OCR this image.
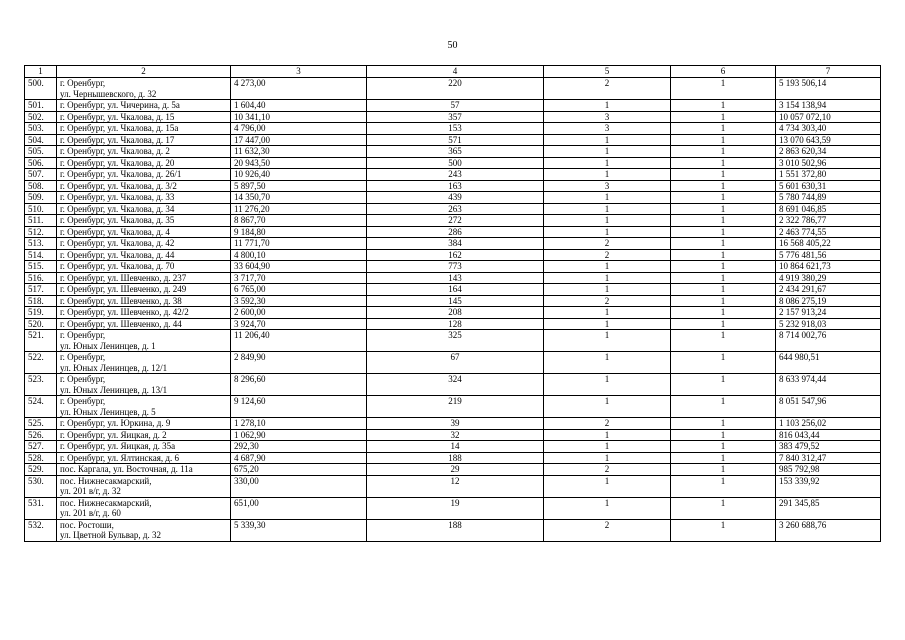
50
1	2	3	4	5	6	7
500.	г. Оренбург,
ул. Чернышевского, д. 32	4 273,00	220	2	1	5 193 506,14
501.	г. Оренбург, ул. Чичерина, д. 5а	1 604,40	57	1	1	3 154 138,94
502.	г. Оренбург, ул. Чкалова, д. 15	10 341,10	357	3	1	10 057 072,10
503.	г. Оренбург, ул. Чкалова, д. 15а	4 796,00	153	3	1	4 734 303,40
504.	г. Оренбург, ул. Чкалова, д. 17	17 447,00	571	1	1	13 070 643,59
505.	г. Оренбург, ул. Чкалова, д. 2	11 632,30	365	1	1	2 863 620,34
506.	г. Оренбург, ул. Чкалова, д. 20	20 943,50	500	1	1	3 010 502,96
507.	г. Оренбург, ул. Чкалова, д. 26/1	10 926,40	243	1	1	1 551 372,80
508.	г. Оренбург, ул. Чкалова, д. 3/2	5 897,50	163	3	1	5 601 630,31
509.	г. Оренбург, ул. Чкалова, д. 33	14 350,70	439	1	1	5 780 744,89
510.	г. Оренбург, ул. Чкалова, д. 34	11 276,20	263	1	1	8 691 046,85
511.	г. Оренбург, ул. Чкалова, д. 35	8 867,70	272	1	1	2 322 786,77
512.	г. Оренбург, ул. Чкалова, д. 4	9 184,80	286	1	1	2 463 774,55
513.	г. Оренбург, ул. Чкалова, д. 42	11 771,70	384	2	1	16 568 405,22
514.	г. Оренбург, ул. Чкалова, д. 44	4 800,10	162	2	1	5 776 481,56
515.	г. Оренбург, ул. Чкалова, д. 70	33 604,90	773	1	1	10 864 621,73
516.	г. Оренбург, ул. Шевченко, д. 237	3 717,70	143	1	1	4 919 380,29
517.	г. Оренбург, ул. Шевченко, д. 249	6 765,00	164	1	1	2 434 291,67
518.	г. Оренбург, ул. Шевченко, д. 38	3 592,30	145	2	1	8 086 275,19
519.	г. Оренбург, ул. Шевченко, д. 42/2	2 600,00	208	1	1	2 157 913,24
520.	г. Оренбург, ул. Шевченко, д. 44	3 924,70	128	1	1	5 232 918,03
521.	г. Оренбург,
ул. Юных Ленинцев, д. 1	11 206,40	325	1	1	8 714 002,76
522.	г. Оренбург,
ул. Юных Ленинцев, д. 12/1	2 849,90	67	1	1	644 980,51
523.	г. Оренбург,
ул. Юных Ленинцев, д. 13/1	8 296,60	324	1	1	8 633 974,44
524.	г. Оренбург,
ул. Юных Ленинцев, д. 5	9 124,60	219	1	1	8 051 547,96
525.	г. Оренбург, ул. Юркина, д. 9	1 278,10	39	2	1	1 103 256,02
526.	г. Оренбург, ул. Яицкая, д. 2	1 062,90	32	1	1	816 043,44
527.	г. Оренбург, ул. Яицкая, д. 35а	292,30	14	1	1	383 479,52
528.	г. Оренбург, ул. Ялтинская, д. 6	4 687,90	188	1	1	7 840 312,47
529.	пос. Каргала, ул. Восточная, д. 11а	675,20	29	2	1	985 792,98
530.	пос. Нижнесакмарский,
ул. 201 в/г, д. 32	330,00	12	1	1	153 339,92
531.	пос. Нижнесакмарский,
ул. 201 в/г, д. 60	651,00	19	1	1	291 345,85
532.	пос. Ростоши,
ул. Цветной Бульвар, д. 32	5 339,30	188	2	1	3 260 688,76
